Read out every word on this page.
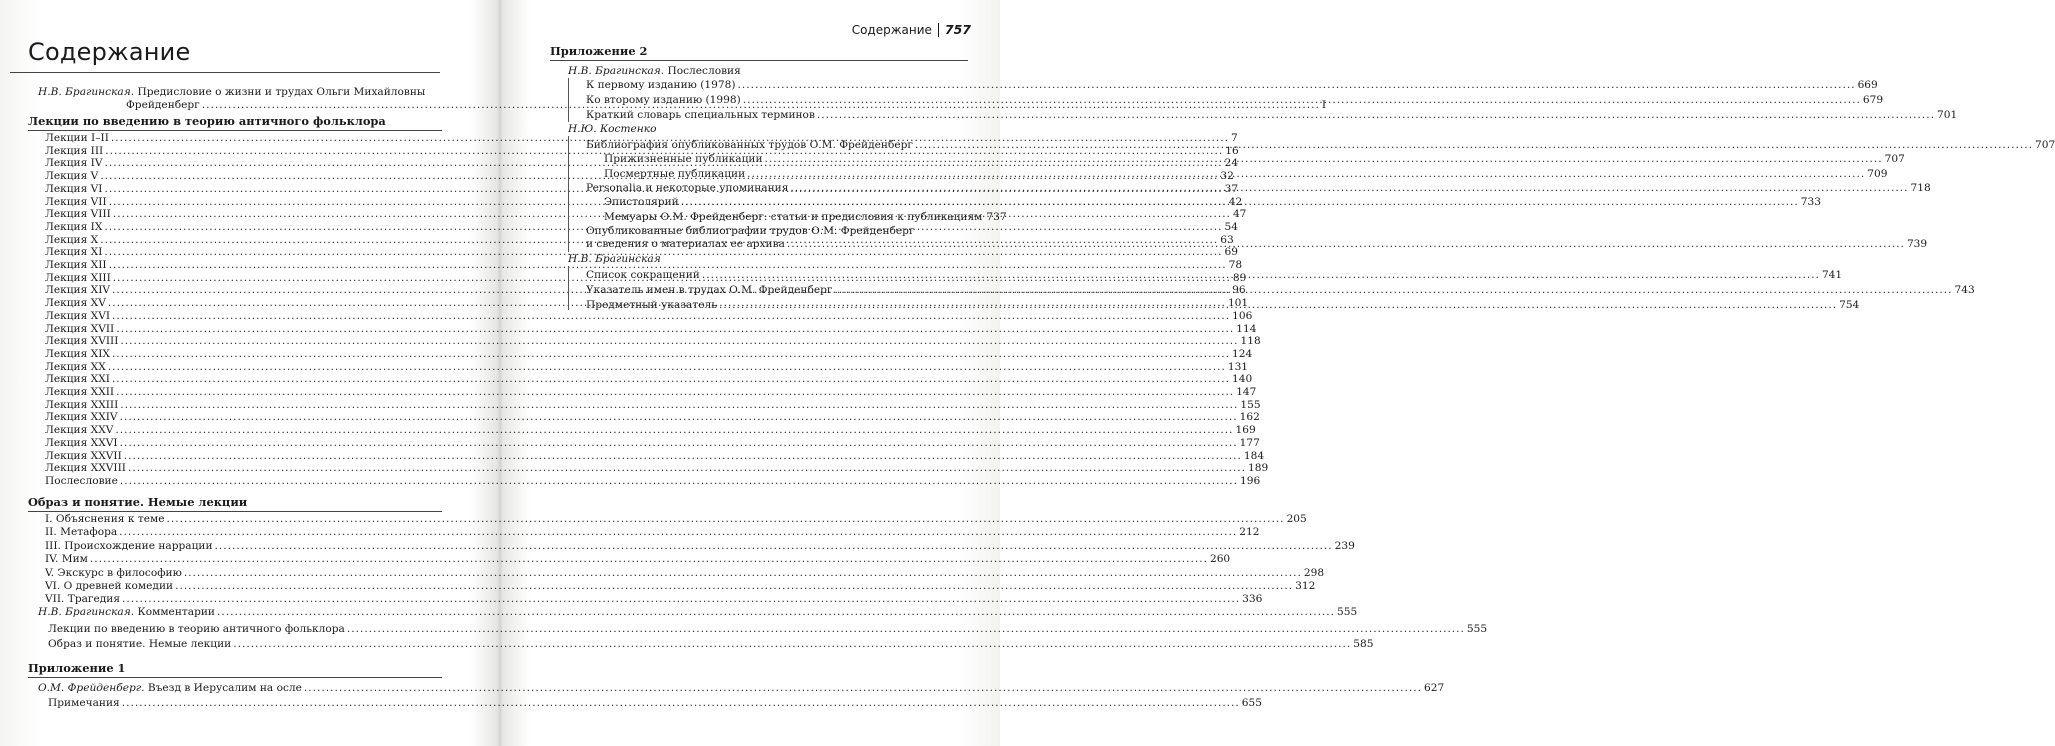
Содержание
Н.В. Брагинская. Предисловие о жизни и трудах Ольги Михайловны
Фрейденберг .....	I
Лекции по введению в теорию античного фольклора
Лекции I–II .....	7
Лекция III .....	16
Лекция IV .....	24
Лекция V .....	32
Лекция VI .....	37
Лекция VII .....	42
Лекция VIII .....	47
Лекция IX .....	54
Лекция X .....	63
Лекция XI .....	69
Лекция XII .....	78
Лекция XIII .....	89
Лекция XIV .....	96
Лекция XV .....	101
Лекция XVI .....	106
Лекция XVII .....	114
Лекция XVIII .....	118
Лекция XIX .....	124
Лекция XX .....	131
Лекция XXI .....	140
Лекция XXII .....	147
Лекция XXIII .....	155
Лекция XXIV .....	162
Лекция XXV .....	169
Лекция XXVI .....	177
Лекция XXVII .....	184
Лекция XXVIII .....	189
Послесловие .....	196
Образ и понятие. Немые лекции
I. Объяснения к теме .....	205
II. Метафора .....	212
III. Происхождение наррации .....	239
IV. Мим .....	260
V. Экскурс в философию .....	298
VI. О древней комедии .....	312
VII. Трагедия .....	336
Н.В. Брагинская. Комментарии .....	555
Лекции по введению в теорию античного фольклора .....	555
Образ и понятие. Немые лекции .....	585
Приложение 1
О.М. Фрейденберг. Въезд в Иерусалим на осле .....	627
Примечания .....	655
Содержание 757
Приложение 2
Н.В. Брагинская. Послесловия
К первому изданию (1978) .....	669
Ко второму изданию (1998) .....	679
Краткий словарь специальных терминов .....	701
Н.Ю. Костенко
Библиография опубликованных трудов О.М. Фрейденберг .....	707
Прижизненные публикации .....	707
Посмертные публикации .....	709
Personalia и некоторые упоминания .....	718
Эпистолярий .....	733
Мемуары О.М. Фрейденберг: статьи и предисловия к публикациям 737
Опубликованные библиографии трудов О.М. Фрейденберг
и сведения о материалах ее архива .....	739
Н.В. Брагинская
Список сокращений .....	741
Указатель имен в трудах О.М. Фрейденберг .....	743
Предметный указатель .....	754
